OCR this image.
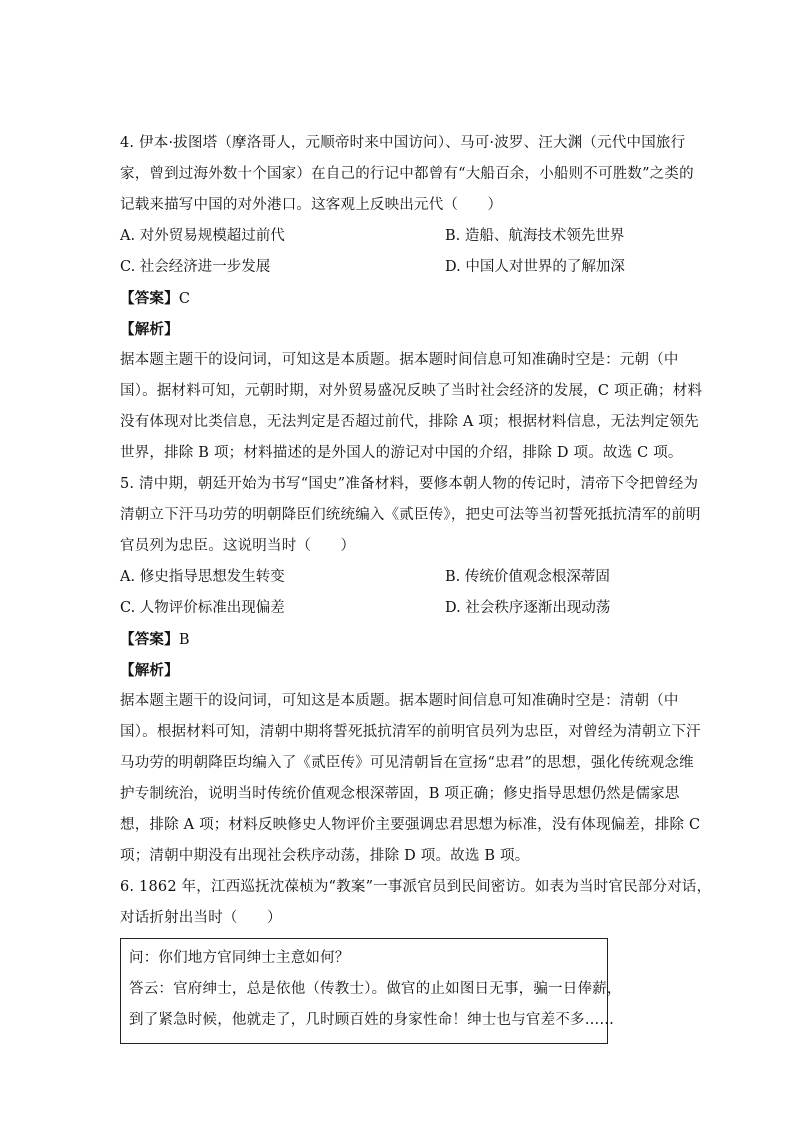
4. 伊本·拔图塔（摩洛哥人，元顺帝时来中国访问）、马可·波罗、汪大渊（元代中国旅行
家，曾到过海外数十个国家）在自己的行记中都曾有“大船百余，小船则不可胜数”之类的
记载来描写中国的对外港口。这客观上反映出元代（　　）
A. 对外贸易规模超过前代	B. 造船、航海技术领先世界
C. 社会经济进一步发展	D. 中国人对世界的了解加深
【答案】C
【解析】
据本题主题干的设问词，可知这是本质题。据本题时间信息可知准确时空是：元朝（中
国）。据材料可知，元朝时期，对外贸易盛况反映了当时社会经济的发展，C 项正确；材料
没有体现对比类信息，无法判定是否超过前代，排除 A 项；根据材料信息，无法判定领先
世界，排除 B 项；材料描述的是外国人的游记对中国的介绍，排除 D 项。故选 C 项。
5. 清中期，朝廷开始为书写“国史”准备材料，要修本朝人物的传记时，清帝下令把曾经为
清朝立下汗马功劳的明朝降臣们统统编入《贰臣传》，把史可法等当初誓死抵抗清军的前明
官员列为忠臣。这说明当时（　　）
A. 修史指导思想发生转变	B. 传统价值观念根深蒂固
C. 人物评价标准出现偏差	D. 社会秩序逐渐出现动荡
【答案】B
【解析】
据本题主题干的设问词，可知这是本质题。据本题时间信息可知准确时空是：清朝（中
国）。根据材料可知，清朝中期将誓死抵抗清军的前明官员列为忠臣，对曾经为清朝立下汗
马功劳的明朝降臣均编入了《贰臣传》可见清朝旨在宣扬“忠君”的思想，强化传统观念维
护专制统治，说明当时传统价值观念根深蒂固，B 项正确；修史指导思想仍然是儒家思
想，排除 A 项；材料反映修史人物评价主要强调忠君思想为标准，没有体现偏差，排除 C
项；清朝中期没有出现社会秩序动荡，排除 D 项。故选 B 项。
6. 1862 年，江西巡抚沈葆桢为“教案”一事派官员到民间密访。如表为当时官民部分对话，
对话折射出当时（　　）
问：你们地方官同绅士主意如何？
答云：官府绅士，总是依他（传教士）。做官的止如图日无事，骗一日俸薪，
到了紧急时候，他就走了，几时顾百姓的身家性命！绅士也与官差不多……
